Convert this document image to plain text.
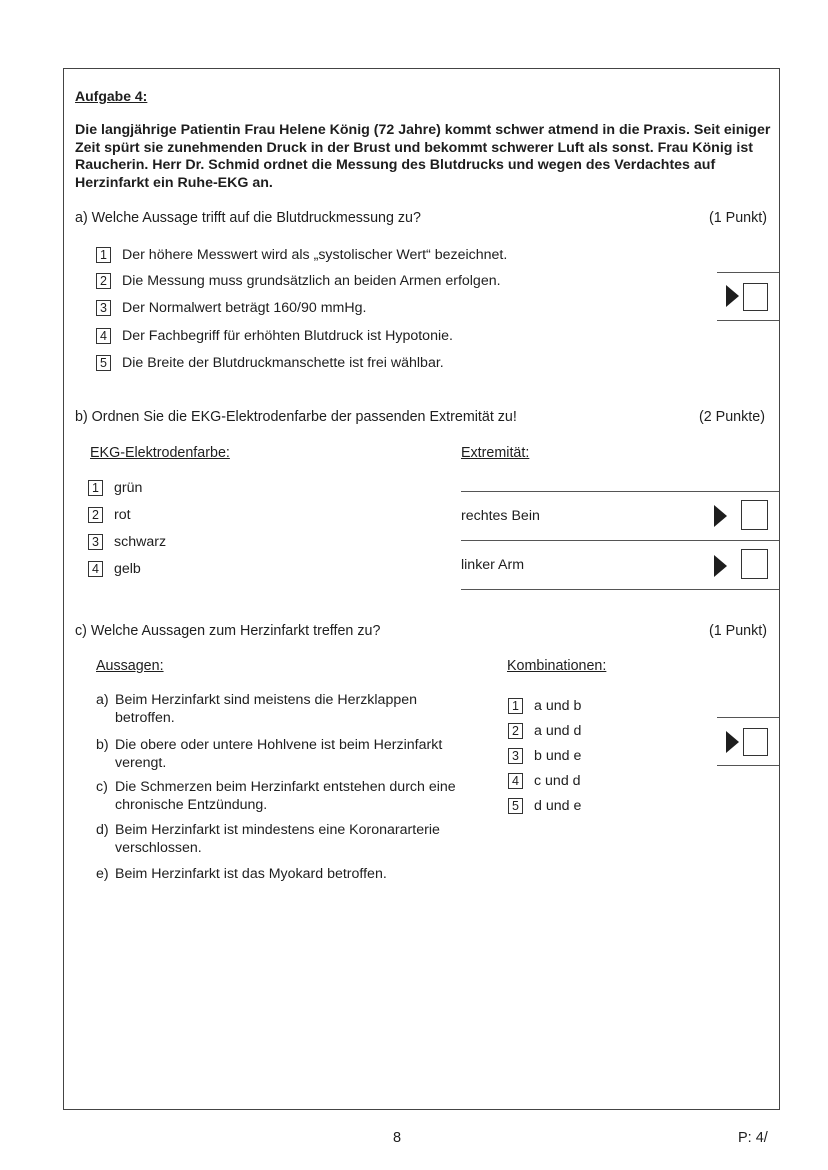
Aufgabe 4:
Die langjährige Patientin Frau Helene König (72 Jahre) kommt schwer atmend in die Praxis. Seit einiger Zeit spürt sie zunehmenden Druck in der Brust und bekommt schwerer Luft als sonst. Frau König ist Raucherin. Herr Dr. Schmid ordnet die Messung des Blutdrucks und wegen des Verdachtes auf Herzinfarkt ein Ruhe-EKG an.
a) Welche Aussage trifft auf die Blutdruckmessung zu?	(1 Punkt)
1 Der höhere Messwert wird als „systolischer Wert“ bezeichnet.
2 Die Messung muss grundsätzlich an beiden Armen erfolgen.
3 Der Normalwert beträgt 160/90 mmHg.
4 Der Fachbegriff für erhöhten Blutdruck ist Hypotonie.
5 Die Breite der Blutdruckmanschette ist frei wählbar.
b) Ordnen Sie die EKG-Elektrodenfarbe der passenden Extremität zu!	(2 Punkte)
EKG-Elektrodenfarbe:	Extremität:
1 grün
2 rot
3 schwarz
4 gelb
rechtes Bein
linker Arm
c) Welche Aussagen zum Herzinfarkt treffen zu?	(1 Punkt)
Aussagen:	Kombinationen:
a) Beim Herzinfarkt sind meistens die Herzklappen betroffen.
b) Die obere oder untere Hohlvene ist beim Herzinfarkt verengt.
c) Die Schmerzen beim Herzinfarkt entstehen durch eine chronische Entzündung.
d) Beim Herzinfarkt ist mindestens eine Koronararterie verschlossen.
e) Beim Herzinfarkt ist das Myokard betroffen.
1 a und b
2 a und d
3 b und e
4 c und d
5 d und e
8	P: 4/
